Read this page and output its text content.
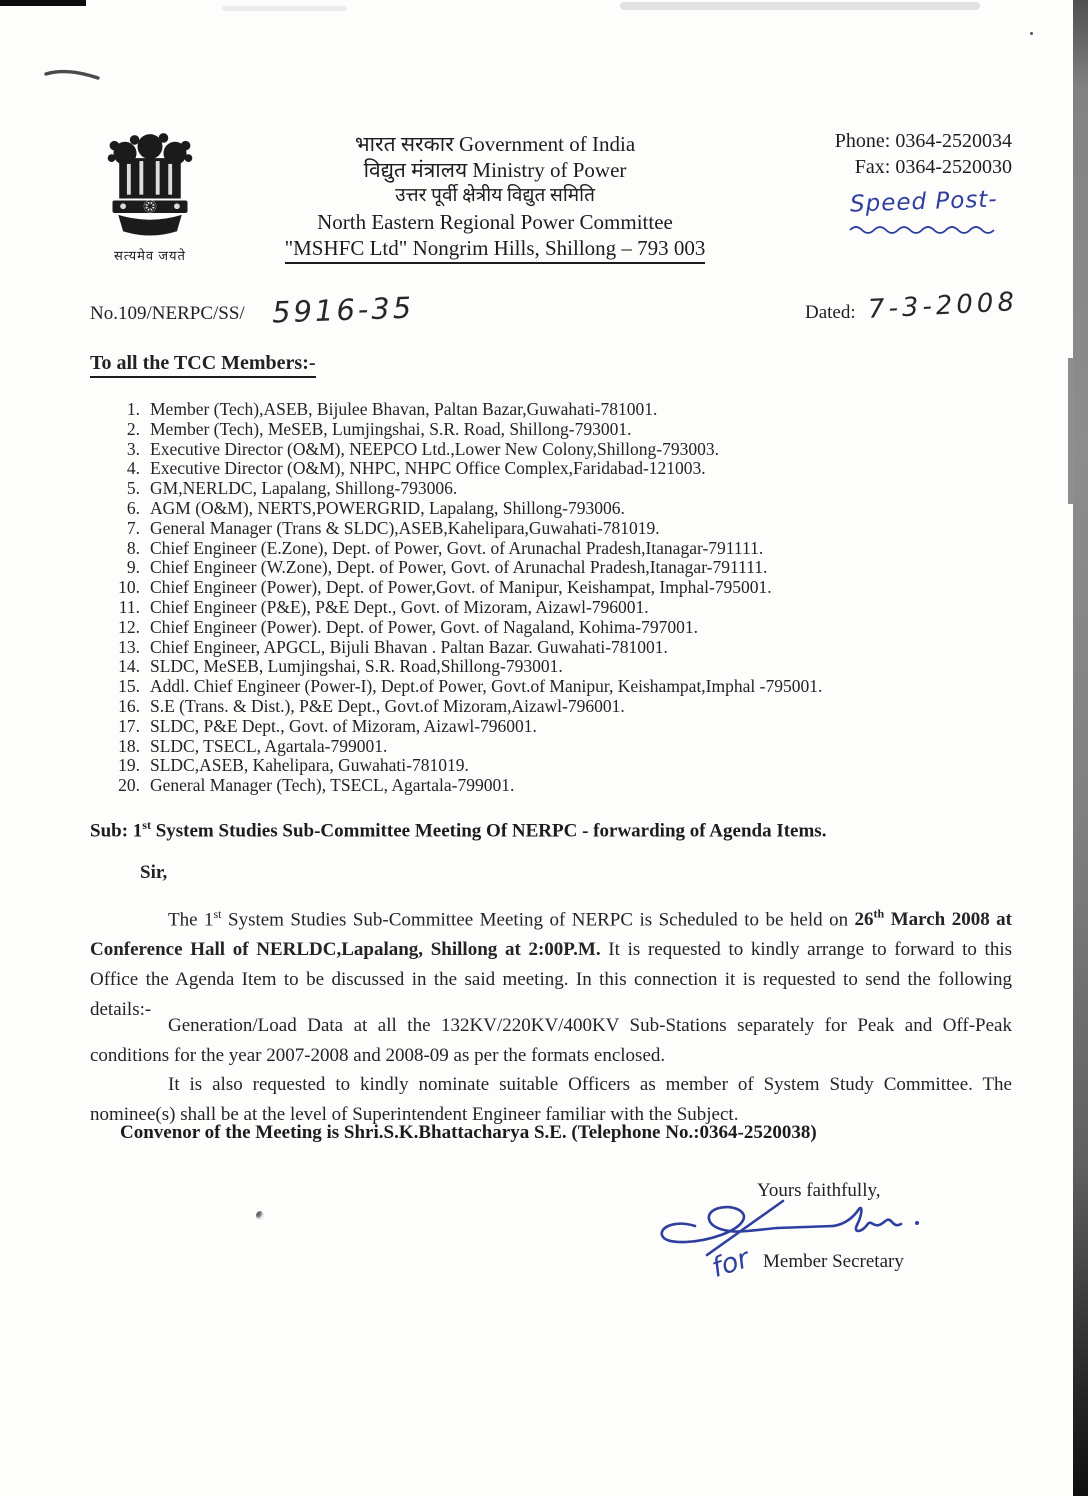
सत्यमेव जयते
भारत सरकार Government of India
विद्युत मंत्रालय Ministry of Power
उत्तर पूर्वी क्षेत्रीय विद्युत समिति
North Eastern Regional Power Committee
"MSHFC Ltd" Nongrim Hills, Shillong – 793 003
Phone: 0364-2520034
Fax: 0364-2520030
Speed Post-

No.109/NERPC/SS/ 5916-35	Dated: 7-3-2008
To all the TCC Members:-
1. Member (Tech),ASEB, Bijulee Bhavan, Paltan Bazar,Guwahati-781001.
2. Member (Tech), MeSEB, Lumjingshai, S.R. Road, Shillong-793001.
3. Executive Director (O&M), NEEPCO Ltd.,Lower New Colony,Shillong-793003.
4. Executive Director (O&M), NHPC, NHPC Office Complex,Faridabad-121003.
5. GM,NERLDC, Lapalang, Shillong-793006.
6. AGM (O&M), NERTS,POWERGRID, Lapalang, Shillong-793006.
7. General Manager (Trans & SLDC),ASEB,Kahelipara,Guwahati-781019.
8. Chief Engineer (E.Zone), Dept. of Power, Govt. of Arunachal Pradesh,Itanagar-791111.
9. Chief Engineer (W.Zone), Dept. of Power, Govt. of Arunachal Pradesh,Itanagar-791111.
10. Chief Engineer (Power), Dept. of Power,Govt. of Manipur, Keishampat, Imphal-795001.
11. Chief Engineer (P&E), P&E Dept., Govt. of Mizoram, Aizawl-796001.
12. Chief Engineer (Power). Dept. of Power, Govt. of Nagaland, Kohima-797001.
13. Chief Engineer, APGCL, Bijuli Bhavan . Paltan Bazar. Guwahati-781001.
14. SLDC, MeSEB, Lumjingshai, S.R. Road,Shillong-793001.
15. Addl. Chief Engineer (Power-I), Dept.of Power, Govt.of Manipur, Keishampat,Imphal -795001.
16. S.E (Trans. & Dist.), P&E Dept., Govt.of Mizoram,Aizawl-796001.
17. SLDC, P&E Dept., Govt. of Mizoram, Aizawl-796001.
18. SLDC, TSECL, Agartala-799001.
19. SLDC,ASEB, Kahelipara, Guwahati-781019.
20. General Manager (Tech), TSECL, Agartala-799001.
Sub: 1st System Studies Sub-Committee Meeting Of NERPC - forwarding of Agenda Items.
Sir,
The 1st System Studies Sub-Committee Meeting of NERPC is Scheduled to be held on 26th March 2008 at Conference Hall of NERLDC,Lapalang, Shillong at 2:00P.M. It is requested to kindly arrange to forward to this Office the Agenda Item to be discussed in the said meeting. In this connection it is requested to send the following details:-
Generation/Load Data at all the 132KV/220KV/400KV Sub-Stations separately for Peak and Off-Peak conditions for the year 2007-2008 and 2008-09 as per the formats enclosed.
It is also requested to kindly nominate suitable Officers as member of System Study Committee. The nominee(s) shall be at the level of Superintendent Engineer familiar with the Subject.
Convenor of the Meeting is Shri.S.K.Bhattacharya S.E. (Telephone No.:0364-2520038)
Yours faithfully,
for Member Secretary
